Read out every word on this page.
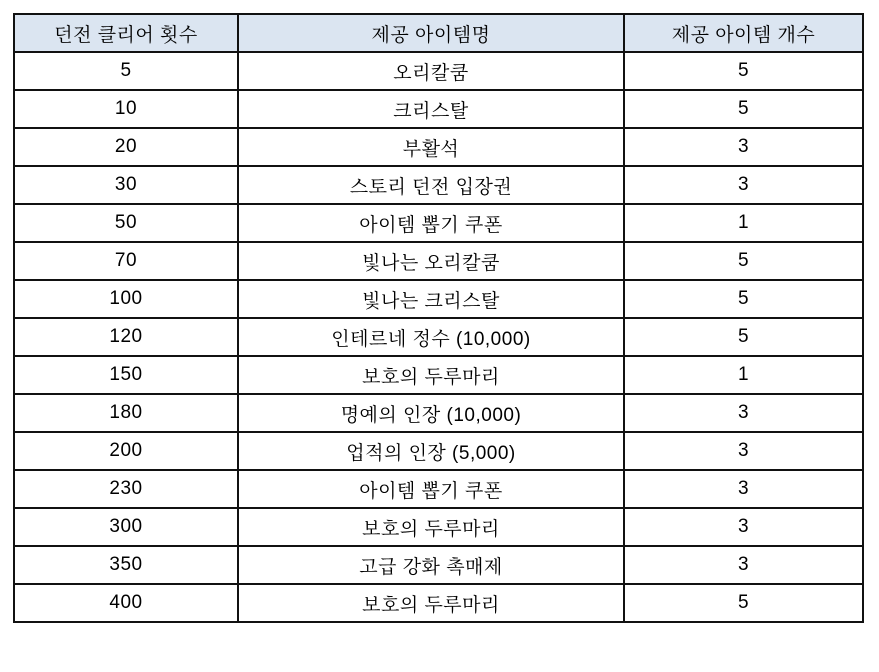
던전 클리어 횟수	제공 아이템명	제공 아이템 개수
5	오리칼쿰	5
10	크리스탈	5
20	부활석	3
30	스토리 던전 입장권	3
50	아이템 뽑기 쿠폰	1
70	빛나는 오리칼쿰	5
100	빛나는 크리스탈	5
120	인테르네 정수 (10,000)	5
150	보호의 두루마리	1
180	명예의 인장 (10,000)	3
200	업적의 인장 (5,000)	3
230	아이템 뽑기 쿠폰	3
300	보호의 두루마리	3
350	고급 강화 촉매제	3
400	보호의 두루마리	5
